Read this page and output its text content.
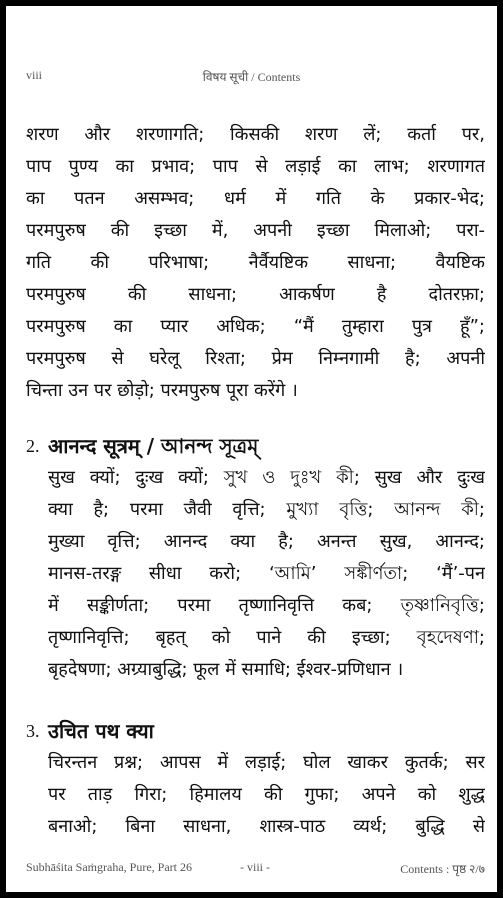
viii	विषय सूची / Contents
शरण और शरणागति; किसकी शरण लें; कर्ता पर,
पाप पुण्य का प्रभाव; पाप से लड़ाई का लाभ; शरणागत
का पतन असम्भव; धर्म में गति के प्रकार-भेद;
परमपुरुष की इच्छा में, अपनी इच्छा मिलाओ; परा-
गति की परिभाषा; नैर्वैयष्टिक साधना; वैयष्टिक
परमपुरुष की साधना; आकर्षण है दोतरफ़ा;
परमपुरुष का प्यार अधिक; “मैं तुम्हारा पुत्र हूँ”;
परमपुरुष से घरेलू रिश्ता; प्रेम निम्नगामी है; अपनी
चिन्ता उन पर छोड़ो; परमपुरुष पूरा करेंगे ।
2. आनन्द सूत्रम् / আনন্দ সূত্রম্
सुख क्यों; दुःख क्यों; সুখ ও দুঃখ কী; सुख और दुःख
क्या है; परमा जैवी वृत्ति; মুখ্যা বৃত্তি; আনন্দ কী;
मुख्या वृत्ति; आनन्द क्या है; अनन्त सुख, आनन्द;
मानस-तरङ्ग सीधा करो; ‘আমি’ সঙ্কীর্ণতা; ‘मैं’-पन
में सङ्कीर्णता; परमा तृष्णानिवृत्ति कब; তৃষ্ণানিবৃত্তি;
तृष्णानिवृत्ति; बृहत् को पाने की इच्छा; বৃহদেষণা;
बृहदेषणा; अग्र्याबुद्धि; फूल में समाधि; ईश्वर-प्रणिधान ।
3. उचित पथ क्या
चिरन्तन प्रश्न; आपस में लड़ाई; घोल खाकर कुतर्क; सर
पर ताड़ गिरा; हिमालय की गुफा; अपने को शुद्ध
बनाओ; बिना साधना, शास्त्र-पाठ व्यर्थ; बुद्धि से
Subhāśita Saṁgraha, Pure, Part 26	- viii -	Contents : पृष्ठ २/७
